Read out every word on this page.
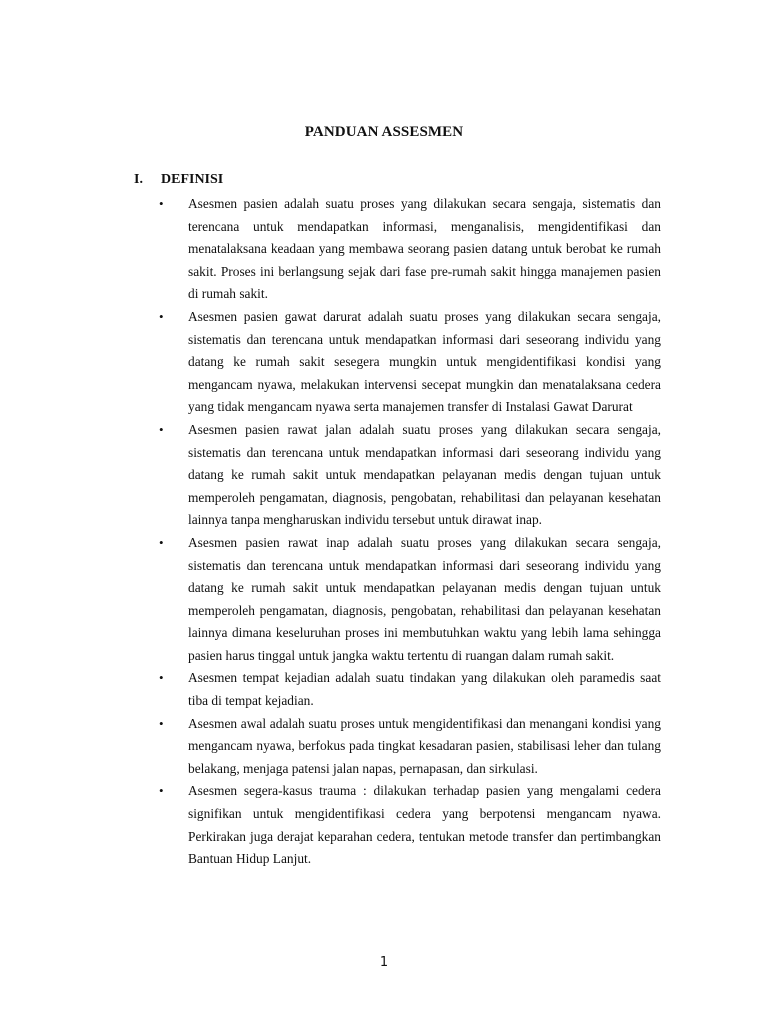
PANDUAN ASSESMEN
I. DEFINISI
•	Asesmen pasien adalah suatu proses yang dilakukan secara sengaja, sistematis dan terencana untuk mendapatkan informasi, menganalisis, mengidentifikasi dan menatalaksana keadaan yang membawa seorang pasien datang untuk berobat ke rumah sakit. Proses ini berlangsung sejak dari fase pre-rumah sakit hingga manajemen pasien di rumah sakit.
•	Asesmen pasien gawat darurat adalah suatu proses yang dilakukan secara sengaja, sistematis dan terencana untuk mendapatkan informasi dari seseorang individu yang datang ke rumah sakit sesegera mungkin untuk mengidentifikasi kondisi yang mengancam nyawa, melakukan intervensi secepat mungkin dan menatalaksana cedera yang tidak mengancam nyawa serta manajemen transfer di Instalasi Gawat Darurat
•	Asesmen pasien rawat jalan adalah suatu proses yang dilakukan secara sengaja, sistematis dan terencana untuk mendapatkan informasi dari seseorang individu yang datang ke rumah sakit untuk mendapatkan pelayanan medis dengan tujuan untuk memperoleh pengamatan, diagnosis, pengobatan, rehabilitasi dan pelayanan kesehatan lainnya tanpa mengharuskan individu tersebut untuk dirawat inap.
•	Asesmen pasien rawat inap adalah suatu proses yang dilakukan secara sengaja, sistematis dan terencana untuk mendapatkan informasi dari seseorang individu yang datang ke rumah sakit untuk mendapatkan pelayanan medis dengan tujuan untuk memperoleh pengamatan, diagnosis, pengobatan, rehabilitasi dan pelayanan kesehatan lainnya dimana keseluruhan proses ini membutuhkan waktu yang lebih lama sehingga pasien harus tinggal untuk jangka waktu tertentu di ruangan dalam rumah sakit.
•	Asesmen tempat kejadian adalah suatu tindakan yang dilakukan oleh paramedis saat tiba di tempat kejadian.
•	Asesmen awal adalah suatu proses untuk mengidentifikasi dan menangani kondisi yang mengancam nyawa, berfokus pada tingkat kesadaran pasien, stabilisasi leher dan tulang belakang, menjaga patensi jalan napas, pernapasan, dan sirkulasi.
•	Asesmen segera-kasus trauma : dilakukan terhadap pasien yang mengalami cedera signifikan untuk mengidentifikasi cedera yang berpotensi mengancam nyawa. Perkirakan juga derajat keparahan cedera, tentukan metode transfer dan pertimbangkan Bantuan Hidup Lanjut.
1
